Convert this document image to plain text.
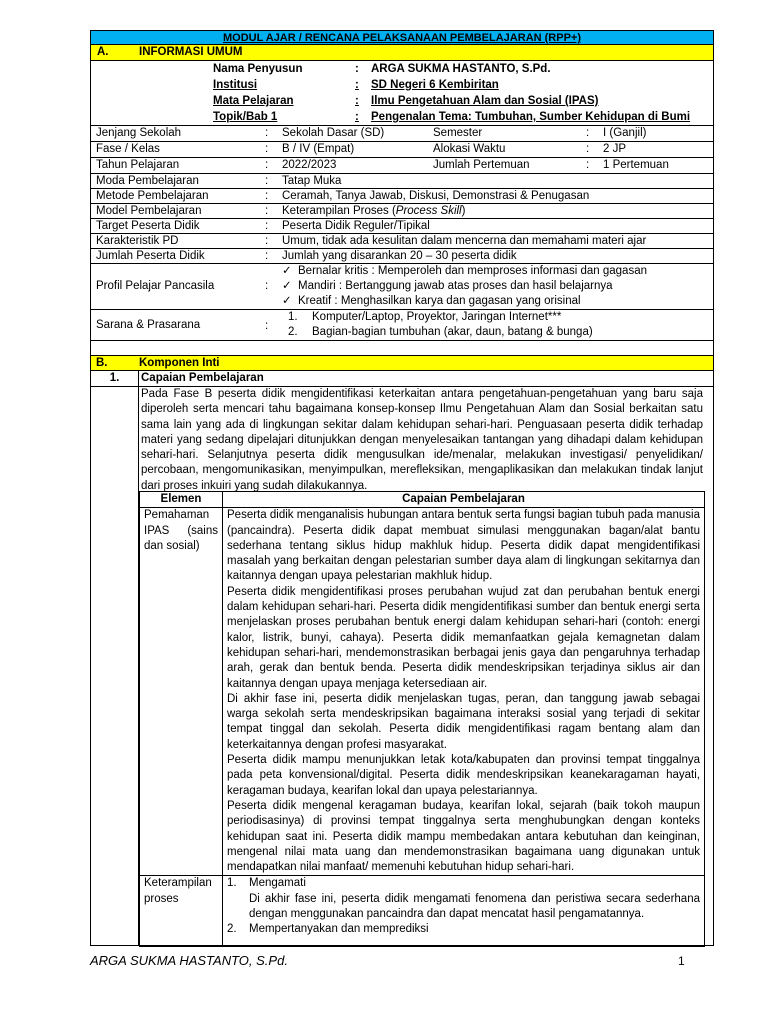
MODUL AJAR / RENCANA PELAKSANAAN PEMBELAJARAN (RPP+)
A.	INFORMASI UMUM
Nama Penyusun	: ARGA SUKMA HASTANTO, S.Pd.
Institusi	: SD Negeri 6 Kembiritan
Mata Pelajaran	: Ilmu Pengetahuan Alam dan Sosial (IPAS)
Topik/Bab 1	: Pengenalan Tema: Tumbuhan, Sumber Kehidupan di Bumi
Jenjang Sekolah	: Sekolah Dasar (SD)	Semester	: I (Ganjil)
Fase / Kelas	: B / IV (Empat)	Alokasi Waktu	: 2 JP
Tahun Pelajaran	: 2022/2023	Jumlah Pertemuan	: 1 Pertemuan
Moda Pembelajaran	: Tatap Muka
Metode Pembelajaran	: Ceramah, Tanya Jawab, Diskusi, Demonstrasi & Penugasan
Model Pembelajaran	: Keterampilan Proses (Process Skill)
Target Peserta Didik	: Peserta Didik Reguler/Tipikal
Karakteristik PD	: Umum, tidak ada kesulitan dalam mencerna dan memahami materi ajar
Jumlah Peserta Didik	: Jumlah yang disarankan 20 – 30 peserta didik
Profil Pelajar Pancasila	:
✓ Bernalar kritis : Memperoleh dan memproses informasi dan gagasan
✓ Mandiri : Bertanggung jawab atas proses dan hasil belajarnya
✓ Kreatif : Menghasilkan karya dan gagasan yang orisinal
Sarana & Prasarana	:
1. Komputer/Laptop, Proyektor, Jaringan Internet***
2. Bagian-bagian tumbuhan (akar, daun, batang & bunga)
B.	Komponen Inti
1.	Capaian Pembelajaran
Pada Fase B peserta didik mengidentifikasi keterkaitan antara pengetahuan-pengetahuan yang baru saja diperoleh serta mencari tahu bagaimana konsep-konsep Ilmu Pengetahuan Alam dan Sosial berkaitan satu sama lain yang ada di lingkungan sekitar dalam kehidupan sehari-hari. Penguasaan peserta didik terhadap materi yang sedang dipelajari ditunjukkan dengan menyelesaikan tantangan yang dihadapi dalam kehidupan sehari-hari. Selanjutnya peserta didik mengusulkan ide/menalar, melakukan investigasi/ penyelidikan/ percobaan, mengomunikasikan, menyimpulkan, merefleksikan, mengaplikasikan dan melakukan tindak lanjut dari proses inkuiri yang sudah dilakukannya.
Elemen	Capaian Pembelajaran
Pemahaman IPAS (sains dan sosial)	Peserta didik menganalisis hubungan antara bentuk serta fungsi bagian tubuh pada manusia (pancaindra). Peserta didik dapat membuat simulasi menggunakan bagan/alat bantu sederhana tentang siklus hidup makhluk hidup. Peserta didik dapat mengidentifikasi masalah yang berkaitan dengan pelestarian sumber daya alam di lingkungan sekitarnya dan kaitannya dengan upaya pelestarian makhluk hidup.
Peserta didik mengidentifikasi proses perubahan wujud zat dan perubahan bentuk energi dalam kehidupan sehari-hari. Peserta didik mengidentifikasi sumber dan bentuk energi serta menjelaskan proses perubahan bentuk energi dalam kehidupan sehari-hari (contoh: energi kalor, listrik, bunyi, cahaya). Peserta didik memanfaatkan gejala kemagnetan dalam kehidupan sehari-hari, mendemonstrasikan berbagai jenis gaya dan pengaruhnya terhadap arah, gerak dan bentuk benda. Peserta didik mendeskripsikan terjadinya siklus air dan kaitannya dengan upaya menjaga ketersediaan air.
Di akhir fase ini, peserta didik menjelaskan tugas, peran, dan tanggung jawab sebagai warga sekolah serta mendeskripsikan bagaimana interaksi sosial yang terjadi di sekitar tempat tinggal dan sekolah. Peserta didik mengidentifikasi ragam bentang alam dan keterkaitannya dengan profesi masyarakat.
Peserta didik mampu menunjukkan letak kota/kabupaten dan provinsi tempat tinggalnya pada peta konvensional/digital. Peserta didik mendeskripsikan keanekaragaman hayati, keragaman budaya, kearifan lokal dan upaya pelestariannya.
Peserta didik mengenal keragaman budaya, kearifan lokal, sejarah (baik tokoh maupun periodisasinya) di provinsi tempat tinggalnya serta menghubungkan dengan konteks kehidupan saat ini. Peserta didik mampu membedakan antara kebutuhan dan keinginan, mengenal nilai mata uang dan mendemonstrasikan bagaimana uang digunakan untuk mendapatkan nilai manfaat/ memenuhi kebutuhan hidup sehari-hari.

Keterampilan proses	1. Mengamati
Di akhir fase ini, peserta didik mengamati fenomena dan peristiwa secara sederhana dengan menggunakan pancaindra dan dapat mencatat hasil pengamatannya.
2. Mempertanyakan dan memprediksi
ARGA SUKMA HASTANTO, S.Pd.	1
